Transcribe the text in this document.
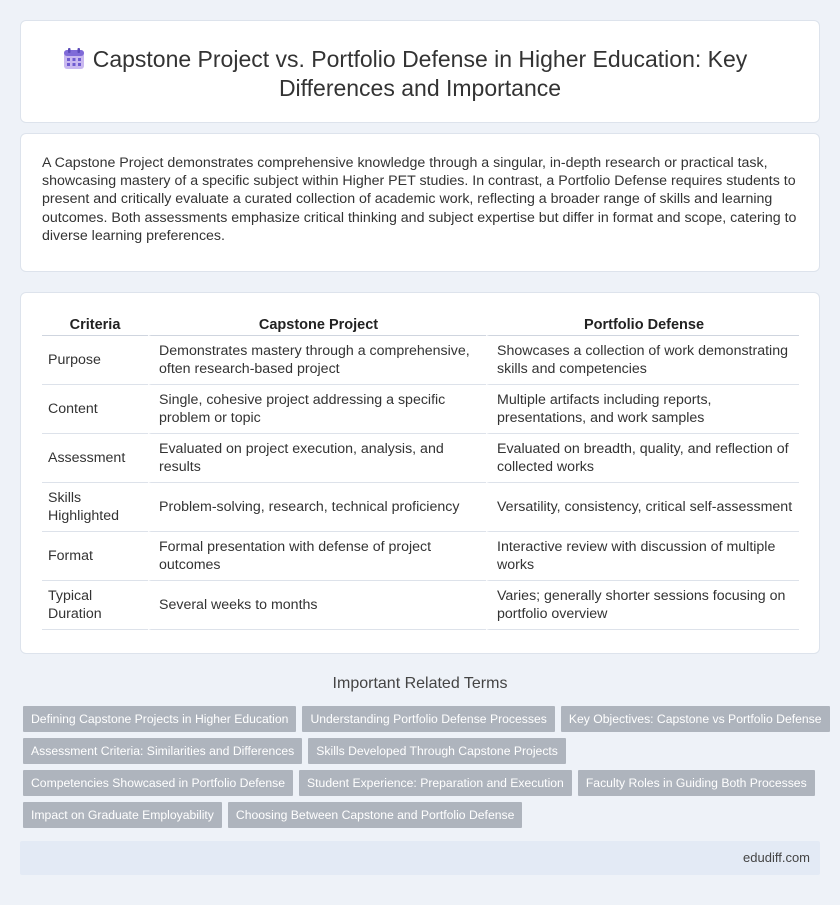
Capstone Project vs. Portfolio Defense in Higher Education: Key Differences and Importance

A Capstone Project demonstrates comprehensive knowledge through a singular, in-depth research or practical task, showcasing mastery of a specific subject within Higher PET studies. In contrast, a Portfolio Defense requires students to present and critically evaluate a curated collection of academic work, reflecting a broader range of skills and learning outcomes. Both assessments emphasize critical thinking and subject expertise but differ in format and scope, catering to diverse learning preferences.

Criteria	Capstone Project	Portfolio Defense
Purpose	Demonstrates mastery through a comprehensive, often research-based project	Showcases a collection of work demonstrating skills and competencies
Content	Single, cohesive project addressing a specific problem or topic	Multiple artifacts including reports, presentations, and work samples
Assessment	Evaluated on project execution, analysis, and results	Evaluated on breadth, quality, and reflection of collected works
Skills Highlighted	Problem-solving, research, technical proficiency	Versatility, consistency, critical self-assessment
Format	Formal presentation with defense of project outcomes	Interactive review with discussion of multiple works
Typical Duration	Several weeks to months	Varies; generally shorter sessions focusing on portfolio overview
Important Related Terms
Defining Capstone Projects in Higher Education	Understanding Portfolio Defense Processes	Key Objectives: Capstone vs Portfolio Defense
Assessment Criteria: Similarities and Differences	Skills Developed Through Capstone Projects
Competencies Showcased in Portfolio Defense	Student Experience: Preparation and Execution	Faculty Roles in Guiding Both Processes
Impact on Graduate Employability	Choosing Between Capstone and Portfolio Defense
edudiff.com
